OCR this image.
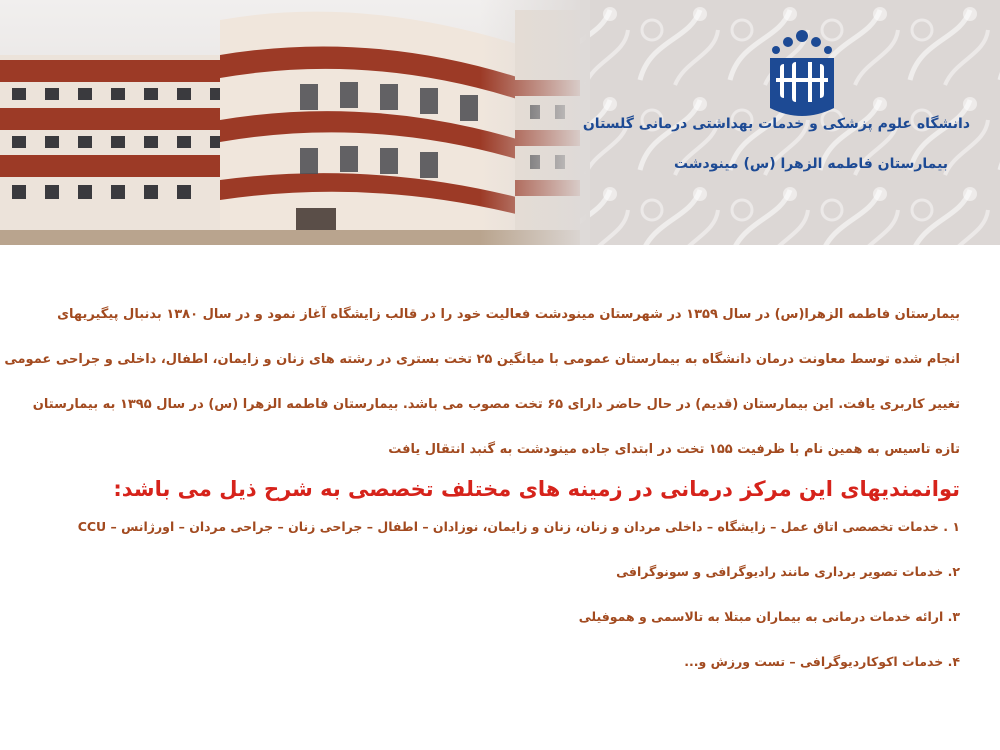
دانشگاه علوم پزشکی و خدمات بهداشتی درمانی گلستان
بیمارستان فاطمه الزهرا (س) مینودشت

بیمارستان فاطمه الزهرا(س) در سال ۱۳۵۹ در شهرستان مینودشت فعالیت خود را در قالب زایشگاه آغاز نمود و در سال ۱۳۸۰ بدنبال پیگیریهای
انجام شده توسط معاونت درمان دانشگاه به بیمارستان عمومی با میانگین ۲۵ تخت بستری در رشته های زنان و زایمان، اطفال، داخلی و جراحی عمومی
تغییر کاربری یافت. این بیمارستان (قدیم) در حال حاضر دارای ۶۵ تخت مصوب می باشد. بیمارستان فاطمه الزهرا (س) در سال ۱۳۹۵ به بیمارستان
تازه تاسیس به همین نام با ظرفیت ۱۵۵ تخت در ابتدای جاده مینودشت به گنبد انتقال یافت

توانمندیهای این مرکز درمانی در زمینه های مختلف تخصصی به شرح ذیل می باشد:
۱ . خدمات تخصصی اتاق عمل – زایشگاه – داخلی مردان و زنان، زنان و زایمان، نوزادان – اطفال – جراحی زنان – جراحی مردان – اورژانس – CCU
۲. خدمات تصویر برداری مانند رادیوگرافی و سونوگرافی
۳. ارائه خدمات درمانی به بیماران مبتلا به تالاسمی و هموفیلی
۴. خدمات اکوکاردیوگرافی – تست ورزش و...
